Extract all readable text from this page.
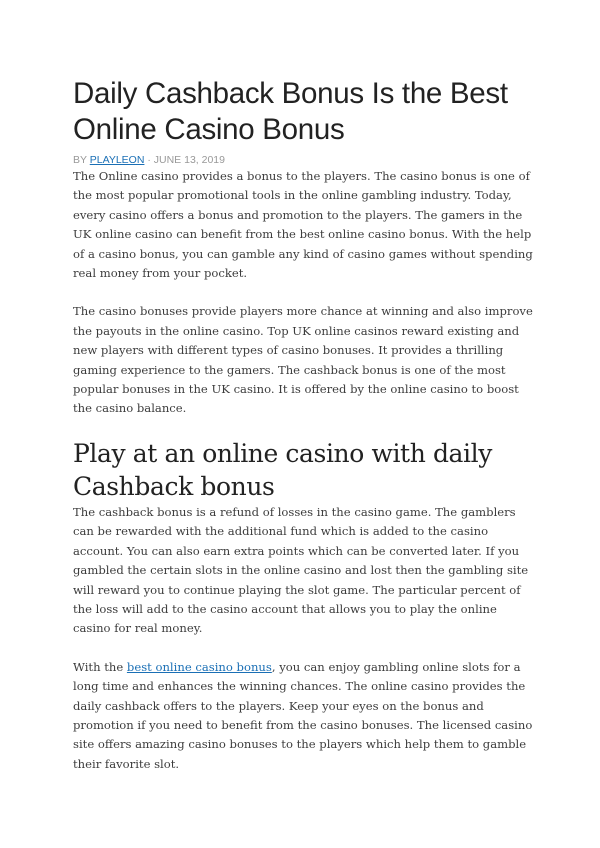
Daily Cashback Bonus Is the Best Online Casino Bonus
BY PLAYLEON · JUNE 13, 2019

The Online casino provides a bonus to the players. The casino bonus is one of the most popular promotional tools in the online gambling industry. Today, every casino offers a bonus and promotion to the players. The gamers in the UK online casino can benefit from the best online casino bonus. With the help of a casino bonus, you can gamble any kind of casino games without spending real money from your pocket.

The casino bonuses provide players more chance at winning and also improve the payouts in the online casino. Top UK online casinos reward existing and new players with different types of casino bonuses. It provides a thrilling gaming experience to the gamers. The cashback bonus is one of the most popular bonuses in the UK casino. It is offered by the online casino to boost the casino balance.

Play at an online casino with daily Cashback bonus

The cashback bonus is a refund of losses in the casino game. The gamblers can be rewarded with the additional fund which is added to the casino account. You can also earn extra points which can be converted later. If you gambled the certain slots in the online casino and lost then the gambling site will reward you to continue playing the slot game. The particular percent of the loss will add to the casino account that allows you to play the online casino for real money.

With the best online casino bonus, you can enjoy gambling online slots for a long time and enhances the winning chances. The online casino provides the daily cashback offers to the players. Keep your eyes on the bonus and promotion if you need to benefit from the casino bonuses. The licensed casino site offers amazing casino bonuses to the players which help them to gamble their favorite slot.
